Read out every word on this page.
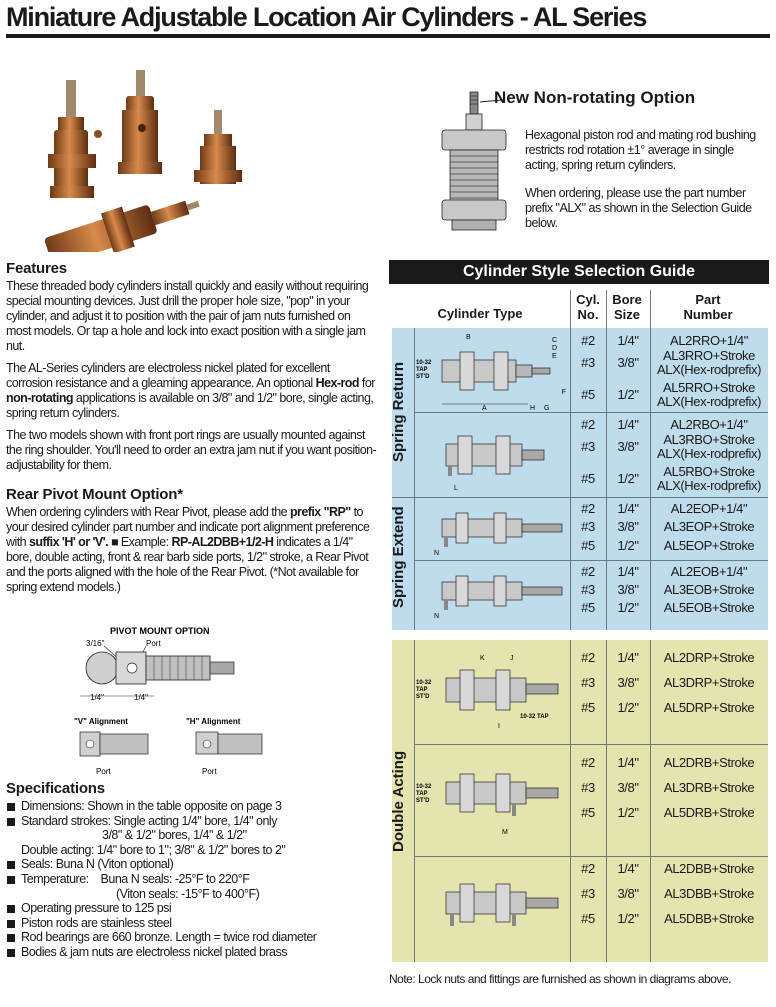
Miniature Adjustable Location Air Cylinders - AL Series
New Non-rotating Option
Hexagonal piston rod and mating rod bushing restricts rod rotation ±1° average in single acting, spring return cylinders.
When ordering, please use the part number prefix "ALX" as shown in the Selection Guide below.
Features
These threaded body cylinders install quickly and easily without requiring special mounting devices. Just drill the proper hole size, "pop" in your cylinder, and adjust it to position with the pair of jam nuts furnished on most models. Or tap a hole and lock into exact position with a single jam nut.
The AL-Series cylinders are electroless nickel plated for excellent corrosion resistance and a gleaming appearance. An optional Hex-rod for non-rotating applications is available on 3/8" and 1/2" bore, single acting, spring return cylinders.
The two models shown with front port rings are usually mounted against the ring shoulder. You'll need to order an extra jam nut if you want position-adjustability for them.
Rear Pivot Mount Option*
When ordering cylinders with Rear Pivot, please add the prefix "RP" to your desired cylinder part number and indicate port alignment preference with suffix 'H' or 'V'. ■ Example: RP-AL2DBB+1/2-H indicates a 1/4" bore, double acting, front & rear barb side ports, 1/2" stroke, a Rear Pivot and the ports aligned with the hole of the Rear Pivot. (*Not available for spring extend models.)
PIVOT MOUNT OPTION
3/16"	Port
1/4"	1/4"
"V" Alignment	"H" Alignment
Port	Port
Specifications
Dimensions: Shown in the table opposite on page 3
Standard strokes: Single acting 1/4" bore, 1/4" only
3/8" & 1/2" bores, 1/4" & 1/2"
Double acting: 1/4" bore to 1"; 3/8" & 1/2" bores to 2"
Seals: Buna N (Viton optional)
Temperature:    Buna N seals: -25°F to 220°F
(Viton seals: -15°F to 400°F)
Operating pressure to 125 psi
Piston rods are stainless steel
Rod bearings are 660 bronze. Length = twice rod diameter
Bodies & jam nuts are electroless nickel plated brass
Cylinder Style Selection Guide
Cylinder Type
Cyl.
No.
Bore
Size
Part
Number
Spring Return
Spring Extend
Double Acting
#2	1/4"	AL2RRO+1/4"
#3	3/8"	AL3RRO+Stroke
ALX(Hex-rodprefix)
#5	1/2"	AL5RRO+Stroke
ALX(Hex-rodprefix)
#2	1/4"	AL2RBO+1/4"
#3	3/8"	AL3RBO+Stroke
ALX(Hex-rodprefix)
#5	1/2"	AL5RBO+Stroke
ALX(Hex-rodprefix)
#2	1/4"	AL2EOP+1/4"
#3	3/8"	AL3EOP+Stroke
#5	1/2"	AL5EOP+Stroke
#2	1/4"	AL2EOB+1/4"
#3	3/8"	AL3EOB+Stroke
#5	1/2"	AL5EOB+Stroke
#2	1/4"	AL2DRP+Stroke
#3	3/8"	AL3DRP+Stroke
#5	1/2"	AL5DRP+Stroke
#2	1/4"	AL2DRB+Stroke
#3	3/8"	AL3DRB+Stroke
#5	1/2"	AL5DRB+Stroke
#2	1/4"	AL2DBB+Stroke
#3	3/8"	AL3DBB+Stroke
#5	1/2"	AL5DBB+Stroke
B	C
D
E
10-32
TAP
ST'D
F
A	H G
L
N
N
K	J
10-32
TAP
ST'D
10-32 TAP
I
10-32
TAP
ST'D
M
Note: Lock nuts and fittings are furnished as shown in diagrams above.
